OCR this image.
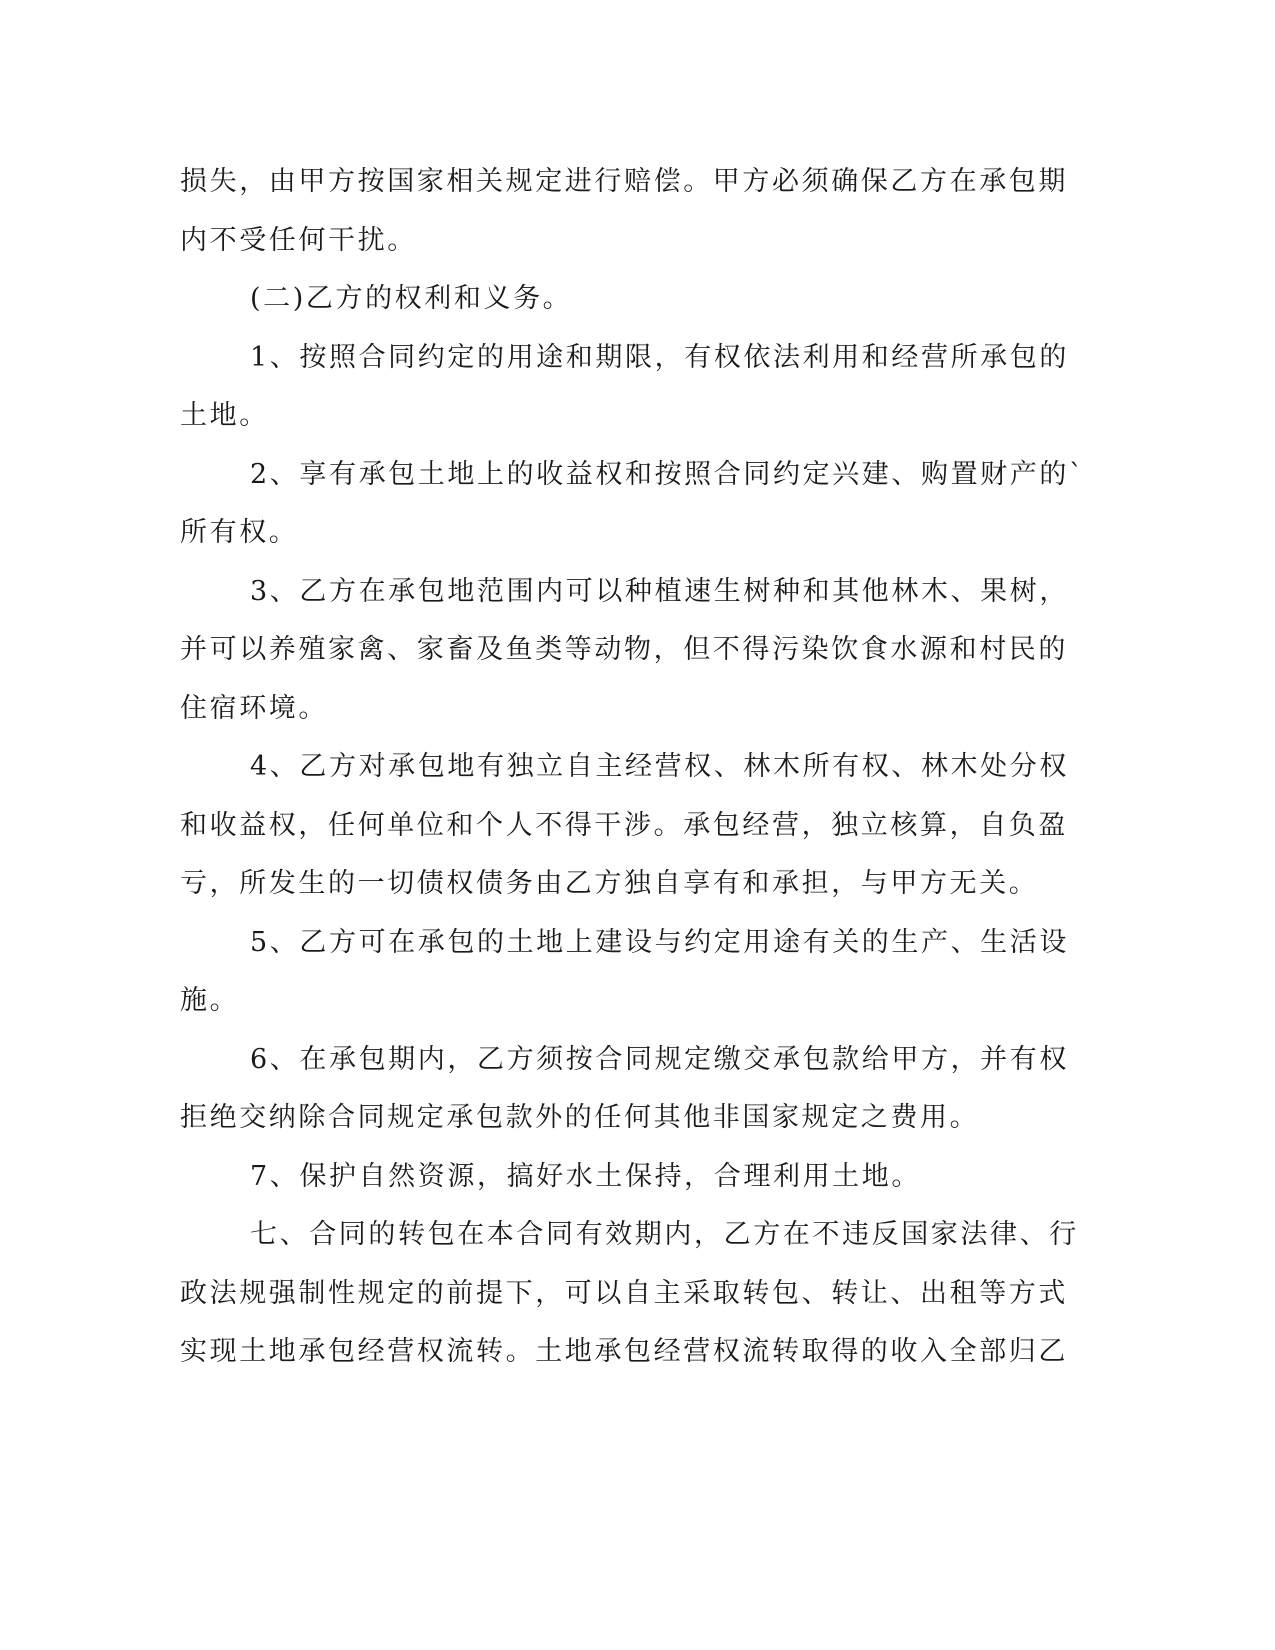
损失，由甲方按国家相关规定进行赔偿。甲方必须确保乙方在承包期

内不受任何干扰。

(二)乙方的权利和义务。

1、按照合同约定的用途和期限，有权依法利用和经营所承包的

土地。

2、享有承包土地上的收益权和按照合同约定兴建、购置财产的`

所有权。

3、乙方在承包地范围内可以种植速生树种和其他林木、果树，

并可以养殖家禽、家畜及鱼类等动物，但不得污染饮食水源和村民的

住宿环境。

4、乙方对承包地有独立自主经营权、林木所有权、林木处分权

和收益权，任何单位和个人不得干涉。承包经营，独立核算，自负盈

亏，所发生的一切债权债务由乙方独自享有和承担，与甲方无关。

5、乙方可在承包的土地上建设与约定用途有关的生产、生活设

施。

6、在承包期内，乙方须按合同规定缴交承包款给甲方，并有权

拒绝交纳除合同规定承包款外的任何其他非国家规定之费用。

7、保护自然资源，搞好水土保持，合理利用土地。

七、合同的转包在本合同有效期内，乙方在不违反国家法律、行

政法规强制性规定的前提下，可以自主采取转包、转让、出租等方式

实现土地承包经营权流转。土地承包经营权流转取得的收入全部归乙
